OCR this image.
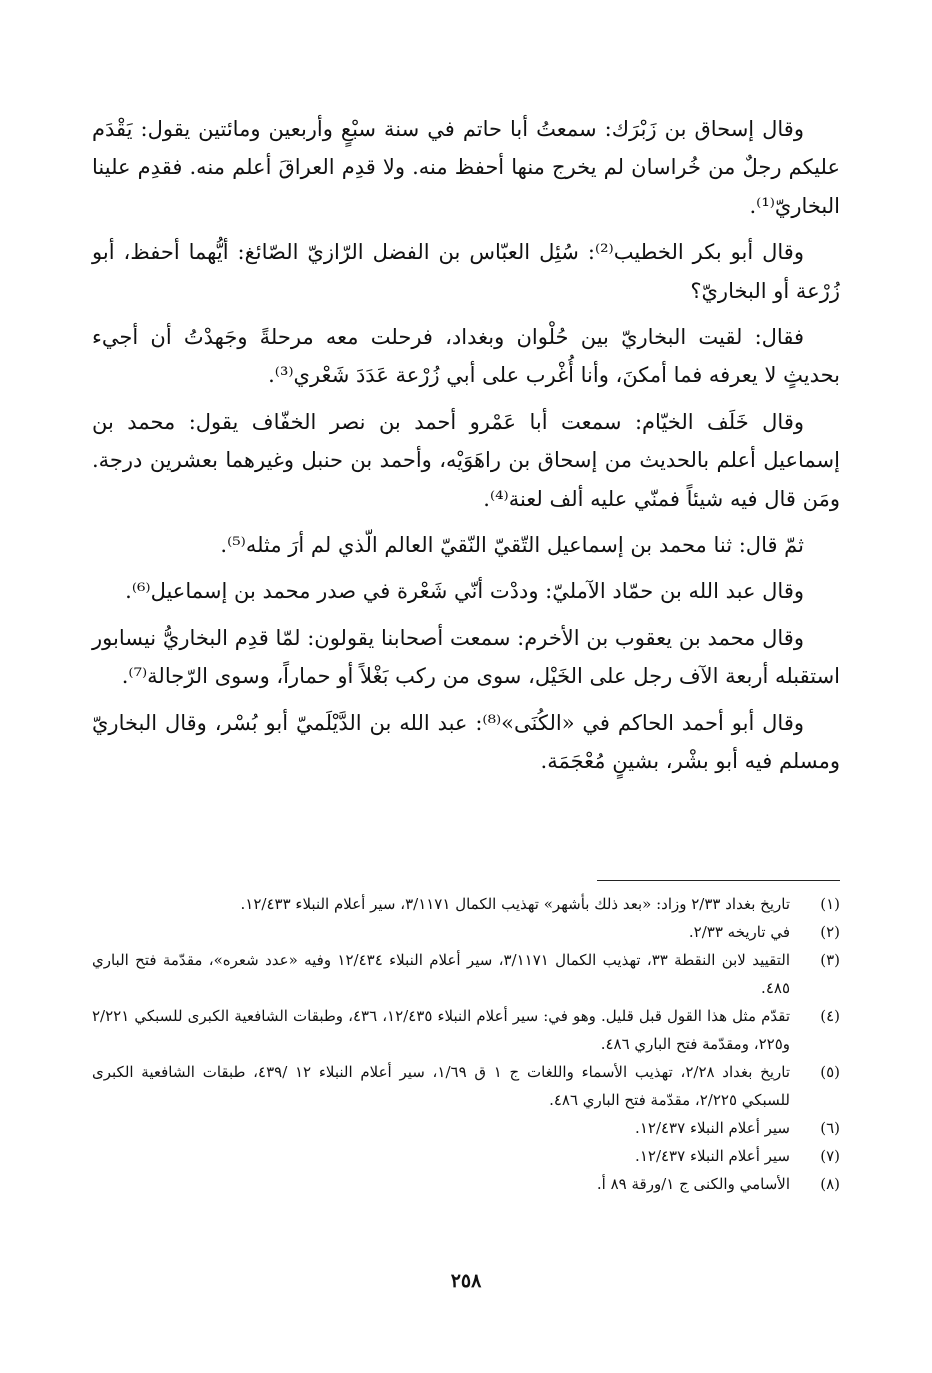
وقال إسحاق بن زَبْرَك: سمعتُ أبا حاتم في سنة سبْعٍ وأربعين ومائتين يقول: يَقْدَم عليكم رجلٌ من خُراسان لم يخرج منها أحفظ منه. ولا قدِم العراقَ أعلم منه. فقدِم علينا البخاريّ⁽¹⁾.

وقال أبو بكر الخطيب⁽²⁾: سُئِل العبّاس بن الفضل الرّازيّ الصّائغ: أيُّهما أحفظ، أبو زُرْعة أو البخاريّ؟

فقال: لقيت البخاريّ بين حُلْوان وبغداد، فرحلت معه مرحلةً وجَهدْتُ أن أجيء بحديثٍ لا يعرفه فما أمكنَ، وأنا أُغْرب على أبي زُرْعة عَدَدَ شَعْري⁽³⁾.

وقال خَلَف الخيّام: سمعت أبا عَمْرو أحمد بن نصر الخفّاف يقول: محمد بن إسماعيل أعلم بالحديث من إسحاق بن راهَوَيْه، وأحمد بن حنبل وغيرهما بعشرين درجة. ومَن قال فيه شيئاً فمنّي عليه ألف لعنة⁽⁴⁾.

ثمّ قال: ثنا محمد بن إسماعيل التّقيّ النّقيّ العالم الّذي لم أرَ مثله⁽⁵⁾.

وقال عبد الله بن حمّاد الآمليّ: وددْت أنّي شَعْرة في صدر محمد بن إسماعيل⁽⁶⁾.

وقال محمد بن يعقوب بن الأخرم: سمعت أصحابنا يقولون: لمّا قدِم البخاريُّ نيسابور استقبله أربعة الآف رجل على الخَيْل، سوى من ركب بَغْلاً أو حماراً، وسوى الرّجالة⁽⁷⁾.

وقال أبو أحمد الحاكم في «الكُنَى»⁽⁸⁾: عبد الله بن الدَّيْلَميّ أبو بُسْر، وقال البخاريّ ومسلم فيه أبو بشْر، بشينٍ مُعْجَمَة.

(١)
تاريخ بغداد ٢/٣٣ وزاد: «بعد ذلك بأشهر» تهذيب الكمال ٣/١١٧١، سير أعلام النبلاء ١٢/٤٣٣.
(٢)
في تاريخه ٢/٣٣.
(٣)
التقييد لابن النقطة ٣٣، تهذيب الكمال ٣/١١٧١، سير أعلام النبلاء ١٢/٤٣٤ وفيه «عدد شعره»، مقدّمة فتح الباري ٤٨٥.
(٤)
تقدّم مثل هذا القول قبل قليل. وهو في: سير أعلام النبلاء ١٢/٤٣٥، ٤٣٦، وطبقات الشافعية الكبرى للسبكي ٢/٢٢١ و٢٢٥، ومقدّمة فتح الباري ٤٨٦.
(٥)
تاريخ بغداد ٢/٢٨، تهذيب الأسماء واللغات ج ١ ق ١/٦٩، سير أعلام النبلاء ١٢ /٤٣٩، طبقات الشافعية الكبرى للسبكي ٢/٢٢٥، مقدّمة فتح الباري ٤٨٦.
(٦)
سير أعلام النبلاء ١٢/٤٣٧.
(٧)
سير أعلام النبلاء ١٢/٤٣٧.
(٨)
الأسامي والكنى ج ١/ورقة ٨٩ أ.
٢٥٨
